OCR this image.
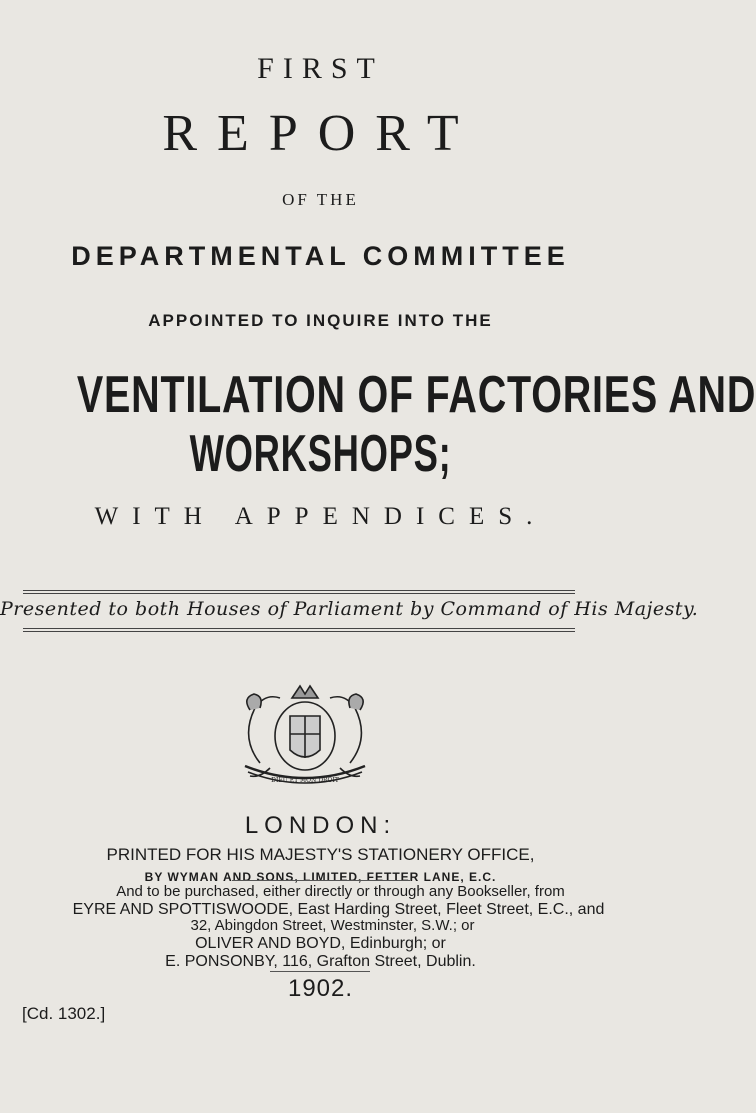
FIRST
REPORT
OF THE
DEPARTMENTAL COMMITTEE
APPOINTED TO INQUIRE INTO THE
VENTILATION OF FACTORIES AND
WORKSHOPS;
WITH APPENDICES.
Presented to both Houses of Parliament by Command of His Majesty.
DIEU ET MON DROIT
LONDON:
PRINTED FOR HIS MAJESTY'S STATIONERY OFFICE,
BY WYMAN AND SONS, LIMITED, FETTER LANE, E.C.
And to be purchased, either directly or through any Bookseller, from
EYRE AND SPOTTISWOODE, East Harding Street, Fleet Street, E.C., and
32, Abingdon Street, Westminster, S.W.; or
OLIVER AND BOYD, Edinburgh; or
E. PONSONBY, 116, Grafton Street, Dublin.
1902.
[Cd. 1302.]
